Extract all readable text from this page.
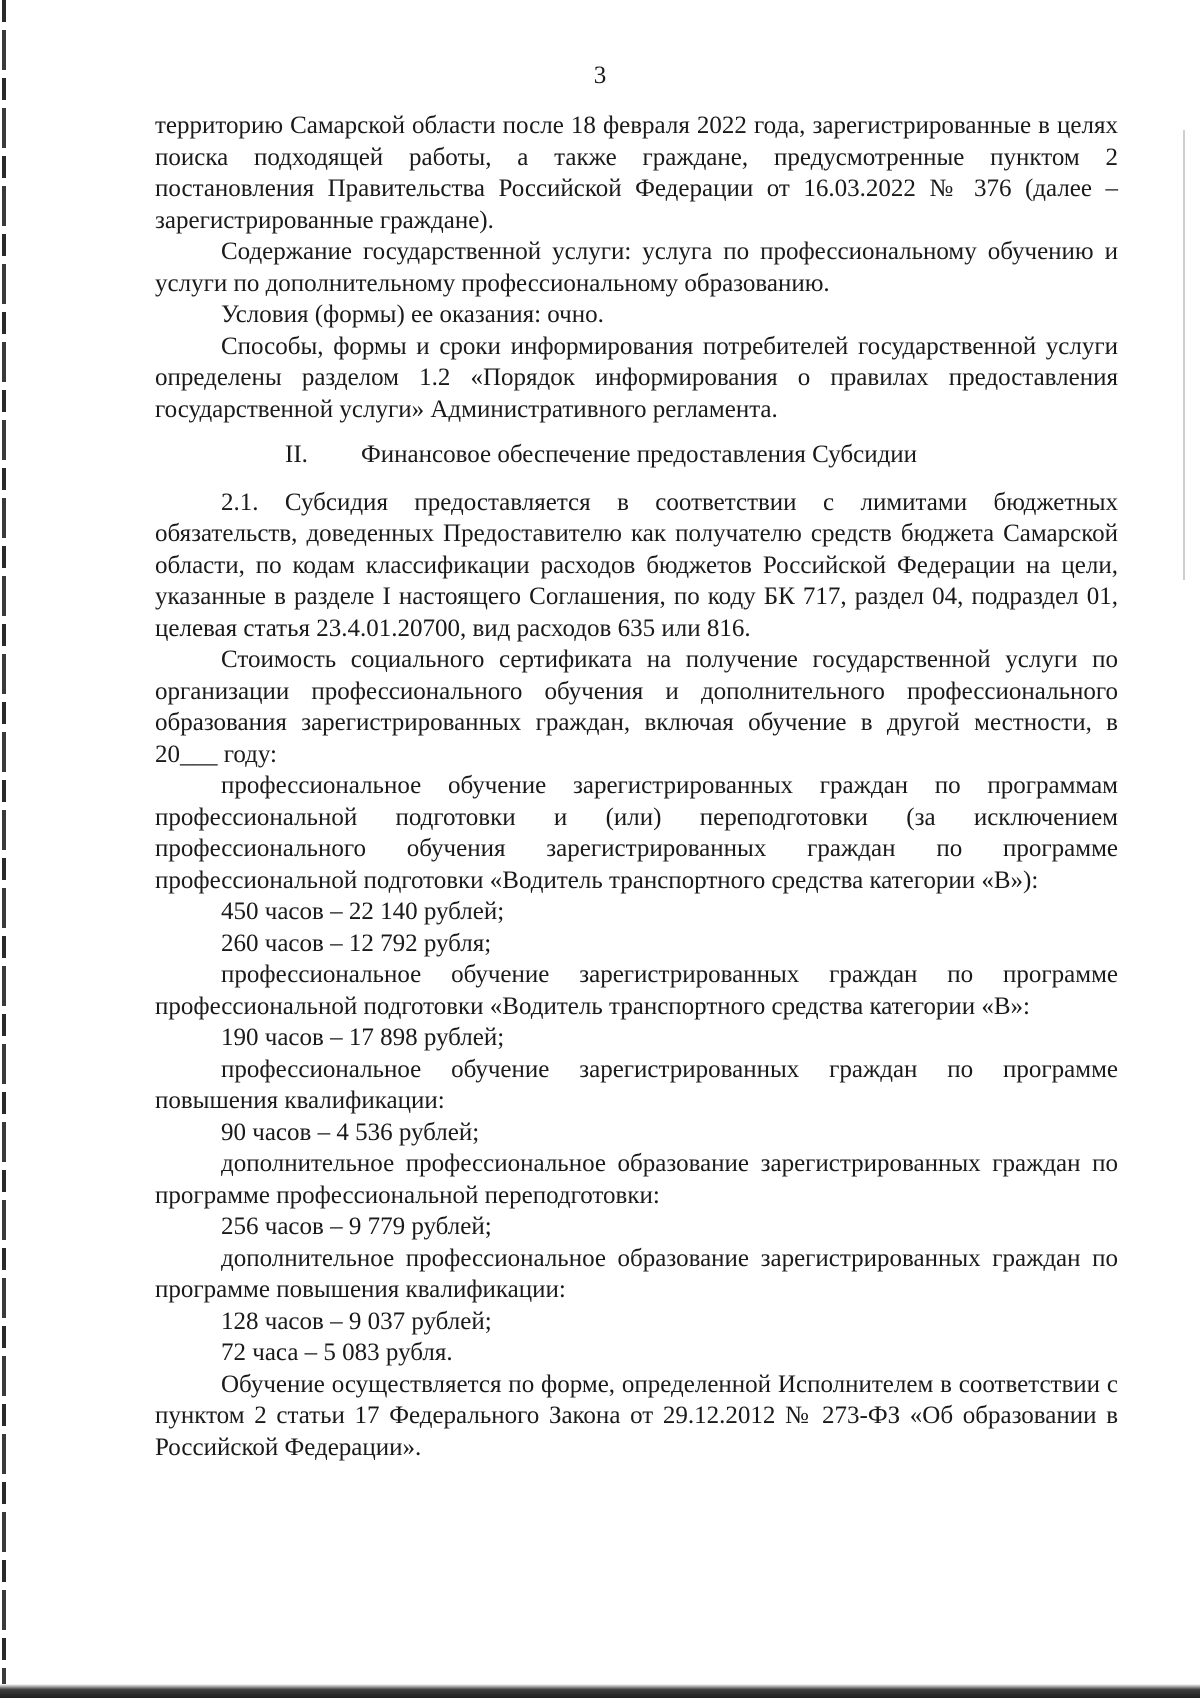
3

территорию Самарской области после 18 февраля 2022 года, зарегистрированные в целях поиска подходящей работы, а также граждане, предусмотренные пунктом 2 постановления Правительства Российской Федерации от 16.03.2022 № 376 (далее – зарегистрированные граждане).

Содержание государственной услуги: услуга по профессиональному обучению и услуги по дополнительному профессиональному образованию.

Условия (формы) ее оказания: очно.

Способы, формы и сроки информирования потребителей государственной услуги определены разделом 1.2 «Порядок информирования о правилах предоставления государственной услуги» Административного регламента.

II. Финансовое обеспечение предоставления Субсидии

2.1. Субсидия предоставляется в соответствии с лимитами бюджетных обязательств, доведенных Предоставителю как получателю средств бюджета Самарской области, по кодам классификации расходов бюджетов Российской Федерации на цели, указанные в разделе I настоящего Соглашения, по коду БК 717, раздел 04, подраздел 01, целевая статья 23.4.01.20700, вид расходов 635 или 816.

Стоимость социального сертификата на получение государственной услуги по организации профессионального обучения и дополнительного профессионального образования зарегистрированных граждан, включая обучение в другой местности, в 20___ году:

профессиональное обучение зарегистрированных граждан по программам профессиональной подготовки и (или) переподготовки (за исключением профессионального обучения зарегистрированных граждан по программе профессиональной подготовки «Водитель транспортного средства категории «В»):

450 часов – 22 140 рублей;

260 часов – 12 792 рубля;

профессиональное обучение зарегистрированных граждан по программе профессиональной подготовки «Водитель транспортного средства категории «В»:

190 часов – 17 898 рублей;

профессиональное обучение зарегистрированных граждан по программе повышения квалификации:

90 часов – 4 536 рублей;

дополнительное профессиональное образование зарегистрированных граждан по программе профессиональной переподготовки:

256 часов – 9 779 рублей;

дополнительное профессиональное образование зарегистрированных граждан по программе повышения квалификации:

128 часов – 9 037 рублей;

72 часа – 5 083 рубля.

Обучение осуществляется по форме, определенной Исполнителем в соответствии с пунктом 2 статьи 17 Федерального Закона от 29.12.2012 № 273-ФЗ «Об образовании в Российской Федерации».
